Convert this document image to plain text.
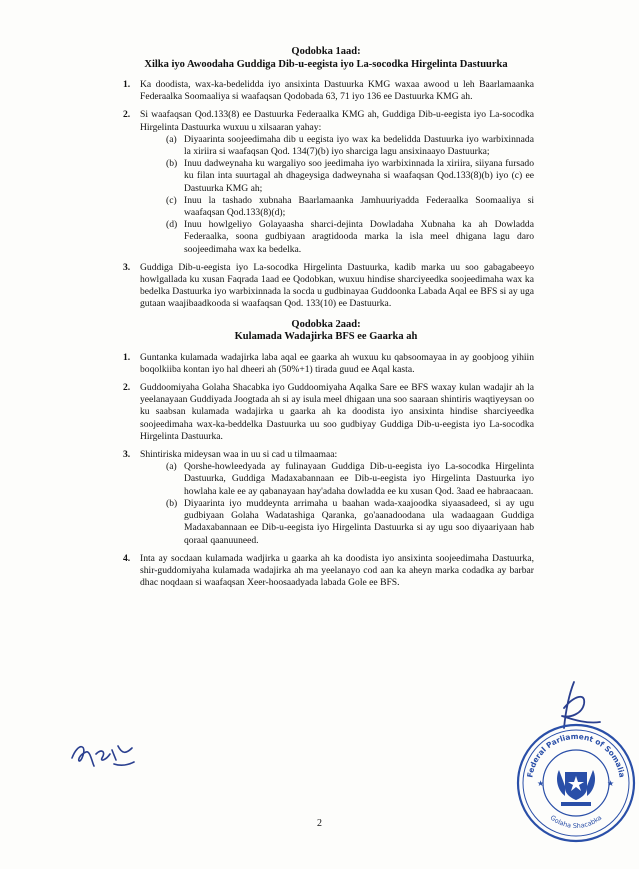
Qodobka 1aad:
Xilka iyo Awoodaha Guddiga Dib-u-eegista iyo La-socodka Hirgelinta Dastuurka
1. Ka doodista, wax-ka-bedelidda iyo ansixinta Dastuurka KMG waxaa awood u leh Baarlamaanka Federaalka Soomaaliya si waafaqsan Qodobada 63, 71 iyo 136 ee Dastuurka KMG ah.
2. Si waafaqsan Qod.133(8) ee Dastuurka Federaalka KMG ah, Guddiga Dib-u-eegista iyo La-socodka Hirgelinta Dastuurka wuxuu u xilsaaran yahay:
(a) Diyaarinta soojeedimaha dib u eegista iyo wax ka bedelidda Dastuurka iyo warbixinnada la xiriira si waafaqsan Qod. 134(7)(b) iyo sharciga lagu ansixinaayo Dastuurka;
(b) Inuu dadweynaha ku wargaliyo soo jeedimaha iyo warbixinnada la xiriira, siiyana fursado ku filan inta suurtagal ah dhageysiga dadweynaha si waafaqsan Qod.133(8)(b) iyo (c) ee Dastuurka KMG ah;
(c) Inuu la tashado xubnaha Baarlamaanka Jamhuuriyadda Federaalka Soomaaliya si waafaqsan Qod.133(8)(d);
(d) Inuu howlgeliyo Golayaasha sharci-dejinta Dowladaha Xubnaha ka ah Dowladda Federaalka, soona gudbiyaan aragtidooda marka la isla meel dhigana lagu daro soojeedimaha wax ka bedelka.
3. Guddiga Dib-u-eegista iyo La-socodka Hirgelinta Dastuurka, kadib marka uu soo gabagabeeyo howlgallada ku xusan Faqrada 1aad ee Qodobkan, wuxuu hindise sharciyeedka soojeedimaha wax ka bedelka Dastuurka iyo warbixinnada la socda u gudbinayaa Guddoonka Labada Aqal ee BFS si ay uga gutaan waajibaadkooda si waafaqsan Qod. 133(10) ee Dastuurka.
Qodobka 2aad:
Kulamada Wadajirka BFS ee Gaarka ah
1. Guntanka kulamada wadajirka laba aqal ee gaarka ah wuxuu ku qabsoomayaa in ay goobjoog yihiin boqolkiiba kontan iyo hal dheeri ah (50%+1) tirada guud ee Aqal kasta.
2. Guddoomiyaha Golaha Shacabka iyo Guddoomiyaha Aqalka Sare ee BFS waxay kulan wadajir ah la yeelanayaan Guddiyada Joogtada ah si ay isula meel dhigaan una soo saaraan shintiris waqtiyeysan oo ku saabsan kulamada wadajirka u gaarka ah ka doodista iyo ansixinta hindise sharciyeedka soojeedimaha wax-ka-beddelka Dastuurka uu soo gudbiyay Guddiga Dib-u-eegista iyo La-socodka Hirgelinta Dastuurka.
3. Shintiriska mideysan waa in uu si cad u tilmaamaa:
(a) Qorshe-howleedyada ay fulinayaan Guddiga Dib-u-eegista iyo La-socodka Hirgelinta Dastuurka, Guddiga Madaxabannaan ee Dib-u-eegista iyo Hirgelinta Dastuurka iyo howlaha kale ee ay qabanayaan hay'adaha dowladda ee ku xusan Qod. 3aad ee habraacaan.
(b) Diyaarinta iyo muddeynta arrimaha u baahan wada-xaajoodka siyaasadeed, si ay ugu gudbiyaan Golaha Wadatashiga Qaranka, go'aanadoodana ula wadaagaan Guddiga Madaxabannaan ee Dib-u-eegista iyo Hirgelinta Dastuurka si ay ugu soo diyaariyaan hab qoraal qaanuuneed.
4. Inta ay socdaan kulamada wadjirka u gaarka ah ka doodista iyo ansixinta soojeedimaha Dastuurka, shir-guddomiyaha kulamada wadajirka ah ma yeelanayo cod aan ka aheyn marka codadka ay barbar dhac noqdaan si waafaqsan Xeer-hoosaadyada labada Gole ee BFS.
Federal Parliament of Somalia
Golaha Shacabka
★	★
2
